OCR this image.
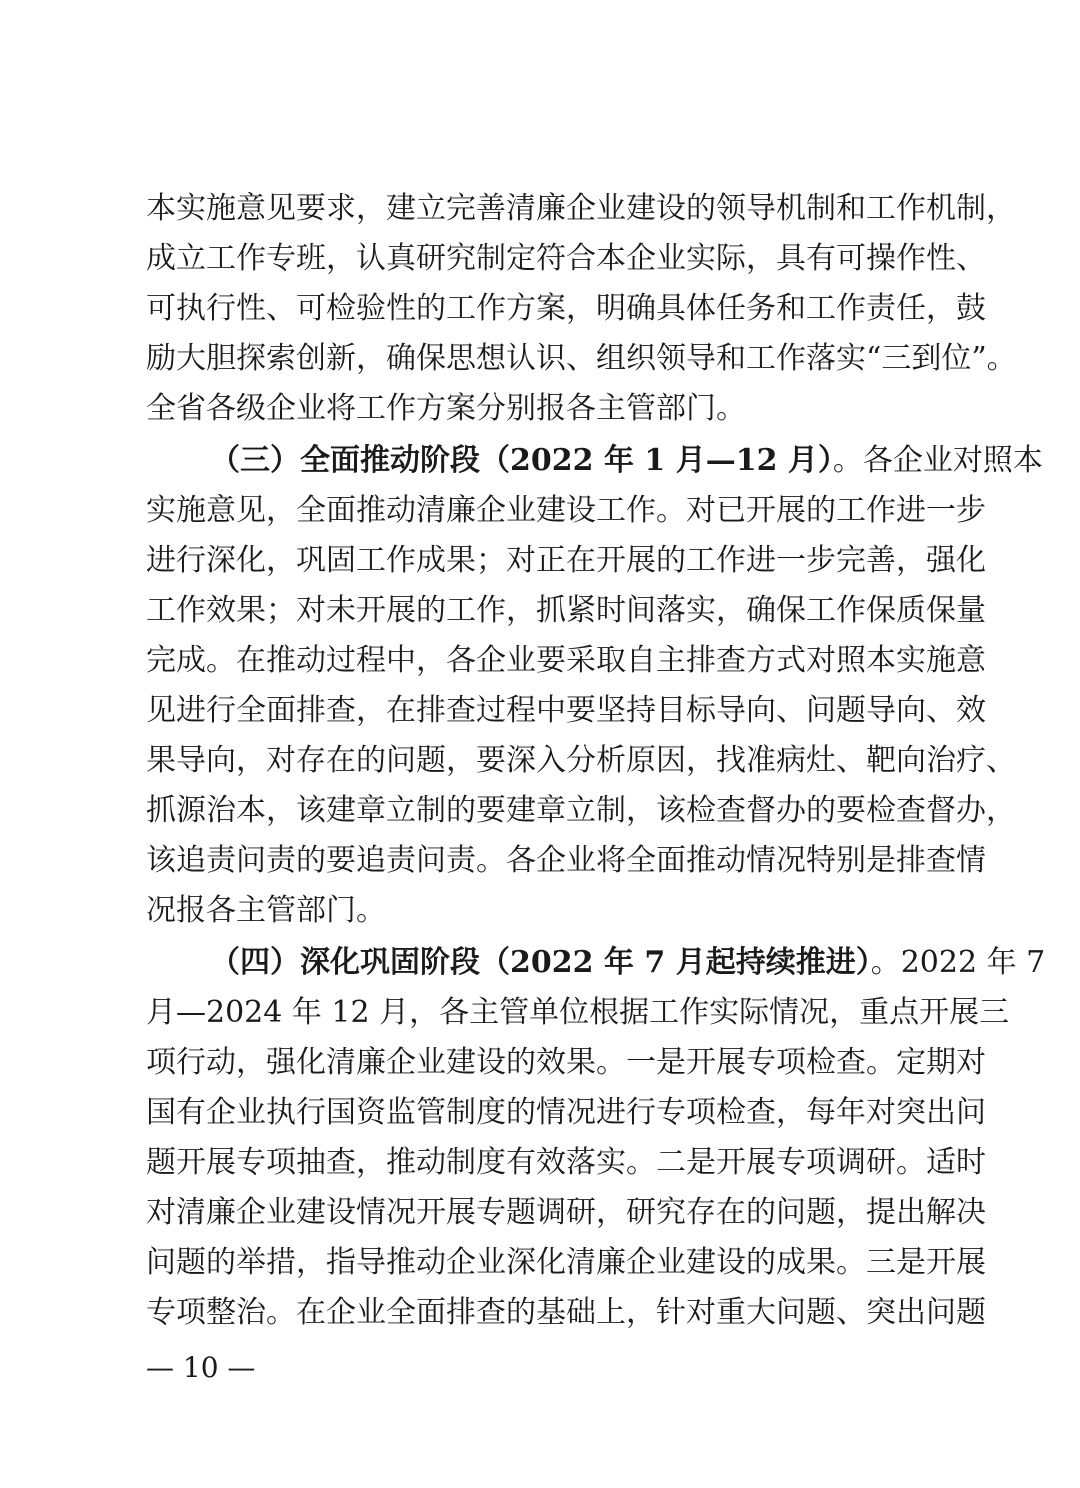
本实施意见要求，建立完善清廉企业建设的领导机制和工作机制，
成立工作专班，认真研究制定符合本企业实际，具有可操作性、
可执行性、可检验性的工作方案，明确具体任务和工作责任，鼓
励大胆探索创新，确保思想认识、组织领导和工作落实“三到位”。
全省各级企业将工作方案分别报各主管部门。
（三）全面推动阶段（2022 年 1 月—12 月）。各企业对照本
实施意见，全面推动清廉企业建设工作。对已开展的工作进一步
进行深化，巩固工作成果；对正在开展的工作进一步完善，强化
工作效果；对未开展的工作，抓紧时间落实，确保工作保质保量
完成。在推动过程中，各企业要采取自主排查方式对照本实施意
见进行全面排查，在排查过程中要坚持目标导向、问题导向、效
果导向，对存在的问题，要深入分析原因，找准病灶、靶向治疗、
抓源治本，该建章立制的要建章立制，该检查督办的要检查督办，
该追责问责的要追责问责。各企业将全面推动情况特别是排查情
况报各主管部门。
（四）深化巩固阶段（2022 年 7 月起持续推进）。2022 年 7
月—2024 年 12 月，各主管单位根据工作实际情况，重点开展三
项行动，强化清廉企业建设的效果。一是开展专项检查。定期对
国有企业执行国资监管制度的情况进行专项检查，每年对突出问
题开展专项抽查，推动制度有效落实。二是开展专项调研。适时
对清廉企业建设情况开展专题调研，研究存在的问题，提出解决
问题的举措，指导推动企业深化清廉企业建设的成果。三是开展
专项整治。在企业全面排查的基础上，针对重大问题、突出问题
— 10 —
